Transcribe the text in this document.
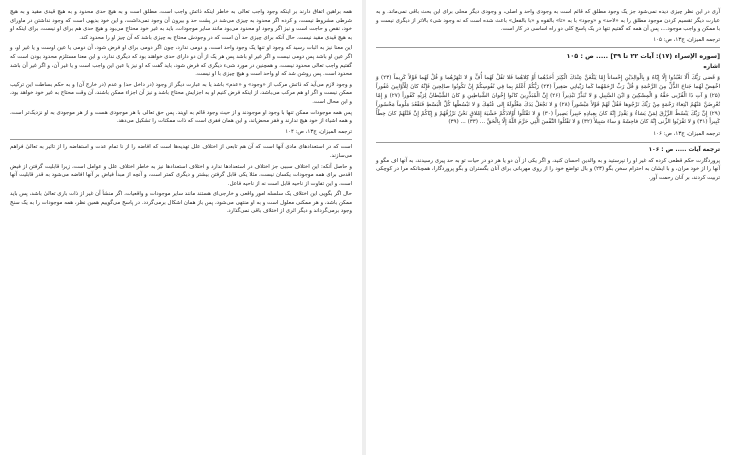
آری در این نظر چیزی دیده نمی‌شود جز یک وجود مطلق که قائم است به وجودی واحد و اصلی، و وجودی دیگر محلی برای این بحث باقی نمی‌ماند. و به عبارت دیگر تقسیم کردن موجود مطلق را به «لاحد» و «وجود» با به «تا» بالقوه و «با بالفعل» باعث شده است که نه وجود شیء بالاتر از دیگری نیست و با ممکن و واجب موجود...، پس آن همه که گفتیم تنها در یک پاسخ کلی دو راه اساسی در کار است.

ترجمه المیزان، ج۱۳، ص: ۱۰۵

[سوره الإسراء (۱۷): آیات ۲۲ تا ۳۹] ..... ص : ۱۰۵

اشاره

وَ قَضى رَبُّكَ أَلّا تَعْبُدُوا إِلّا إِيّاهُ وَ بِالْوالِدَيْنِ إِحْساناً إِمّا يَبْلُغَنَّ عِنْدَكَ الْكِبَرَ أَحَدُهُما أَوْ كِلاهُما فَلا تَقُلْ لَهُما أُفٍّ وَ لا تَنْهَرْهُما وَ قُلْ لَهُما قَوْلاً كَرِيماً (۲۳) وَ اخْفِضْ لَهُما جَناحَ الذُّلِّ مِنَ الرَّحْمَةِ وَ قُلْ رَبِّ ارْحَمْهُما كَما رَبَّيانِي صَغِيراً (۲۴) رَبُّكُمْ أَعْلَمُ بِما فِي نُفُوسِكُمْ إِنْ تَكُونُوا صالِحِينَ فَإِنَّهُ كانَ لِلْأَوّابِينَ غَفُوراً (۲۵) وَ آتِ ذَا الْقُرْبى حَقَّهُ وَ الْمِسْكِينَ وَ ابْنَ السَّبِيلِ وَ لا تُبَذِّرْ تَبْذِيراً (۲۶) إِنَّ الْمُبَذِّرِينَ كانُوا إِخْوانَ الشَّياطِينِ وَ كانَ الشَّيْطانُ لِرَبِّهِ كَفُوراً (۲۷) وَ إِمّا تُعْرِضَنَّ عَنْهُمُ ابْتِغاءَ رَحْمَةٍ مِنْ رَبِّكَ تَرْجُوها فَقُلْ لَهُمْ قَوْلاً مَيْسُوراً (۲۸) وَ لا تَجْعَلْ يَدَكَ مَغْلُولَةً إِلى عُنُقِكَ وَ لا تَبْسُطْها كُلَّ الْبَسْطِ فَتَقْعُدَ مَلُوماً مَحْسُوراً (۲۹) إِنَّ رَبَّكَ يَبْسُطُ الرِّزْقَ لِمَنْ يَشاءُ وَ يَقْدِرُ إِنَّهُ كانَ بِعِبادِهِ خَبِيراً بَصِيراً (۳۰) وَ لا تَقْتُلُوا أَوْلادَكُمْ خَشْيَةَ إِمْلاقٍ نَحْنُ نَرْزُقُهُمْ وَ إِيّاكُمْ إِنَّ قَتْلَهُمْ كانَ خِطْأً كَبِيراً (۳۱) وَ لا تَقْرَبُوا الزِّنى إِنَّهُ كانَ فاحِشَةً وَ ساءَ سَبِيلاً (۳۲) وَ لا تَقْتُلُوا النَّفْسَ الَّتِي حَرَّمَ اللّهُ إِلّا بِالْحَقِّ ... (۳۳) ... (۳۹)

ترجمه المیزان، ج۱۳، ص: ۱۰۶

ترجمه آیات ..... ص : ۱۰۶

پروردگارت حکم قطعی کرده که غیر او را نپرستید و به والدین احسان کنید، و اگر یکی از آن دو یا هر دو در حیات تو به حد پیری رسیدند، به آنها اف مگو و آنها را از خود مران، و با ایشان به احترام سخن بگو (۲۳) و بال تواضع خود را از روی مهربانی برای آنان بگستران و بگو پروردگارا، همچنانکه مرا در کوچکی تربیت کردند، بر آنان رحمت آور.

همه براهین اتفاق دارند بر اینکه وجود واجب تعالی به خاطر اینکه ذاتش واجب است، مطلق است و به هیچ حدی محدود و به هیچ قیدی مقید و به هیچ شرطی مشروط نیست، و کرده اگر محدود به چیزی می‌شد در پشت حد و بیرون آن وجود نمی‌داشت، و این خود بدیهی است که وجود نداشتن در ماورای خود، نقص و حاجت است و نیز اگر وجود او محدود می‌بود مانند سایر موجودات، باید به غیر خود محتاج می‌بود و هیچ حدی هم برای او نیست، برای اینکه او به هیچ قیدی مقید نیست. حال آنکه برای چیزی حد آن است که در وجودش محتاج به چیزی باشد که آن چیز او را محدود کند.

این معنا نیز به اثبات رسید که وجود او تنها یک وجود واحد است، و دومی ندارد، چون اگر دومی برای او فرض شود، آن دومی یا عین اوست و یا غیر او، و اگر عین او باشد پس دومی نیست و اگر غیر او باشد پس هر یک از آن دو دارای حدی خواهند بود که دیگری ندارد، و این معنا مستلزم محدود بودن است که گفتیم واجب تعالی محدود نیست، و همچنین در مورد شیء دیگری که فرض شود، باید گفت که او نیز یا عین این واجب است و یا غیر آن، و اگر غیر آن باشد محدود است. پس روشن شد که او واحد است و هیچ چیزی با او نیست.

و وجود لازم می‌آید که ذاتش مرکب از «وجود» و «عدم» باشد یا به عبارت دیگر از وجود (در داخل حد) و عدم (در خارج آن) و به حکم بساطت این ترکیب ممکن نیست و اگر او هم مرکب می‌باشد، از اینکه فرض کنیم او به اجزایش محتاج باشد و نیز آن اجزاء ممکن باشند، آن وقت محتاج به غیر خود خواهد بود، و این محال است.

پس همه موجودات ممکن تنها با وجود او موجودند و از حیث وجود قائم به اویند. پس حق تعالی با هر موجودی هست و از هر موجودی به او نزدیک‌تر است، و همه اشیاء از خود هیچ ندارند و فقر محض‌اند، و این همان فقری است که ذات ممکنات را تشکیل می‌دهد.

ترجمه المیزان، ج۱۳، ص: ۱۰۴

است که در استعدادهای مادی آنها است که آن هم تابعی از اختلاف علل تهدیه‌ها است که افاضه را از نا تمام عدت و استفاضه را از تاثیر به تعالیٰ فراهم می‌سازند.

و حاصل آنکه: این اختلاف سببی جز اختلاف در استعدادها ندارد و اختلاف استعدادها نیز به خاطر اختلاف علل و عوامل است، زیرا قابلیت گرفتن از فیض اقدس برای همه موجودات یکسان نیست، مثلا یکی قابل گرفتن بیشتر و دیگری کمتر است، و آنچه از مبدأ فیاض بر آنها افاضه می‌شود به قدر قابلیت آنها است، و این تفاوت از ناحیه قابل است نه از ناحیه فاعل.

حال اگر بگویی این اختلاف یک سلسله امور واقعی و خارجی‌ای هستند مانند سایر موجودات و واقعیات، اگر منشأ آن غیر از ذات باری تعالیٰ باشد، پس باید ممکن باشد، و هر ممکنی معلول است و به او منتهی می‌شود، پس باز همان اشکال برمی‌گردد. در پاسخ می‌گوییم همین نظر، همه موجودات را به یک سنخ وجود برمی‌گرداند و دیگر اثری از اختلاف باقی نمی‌گذارد.
